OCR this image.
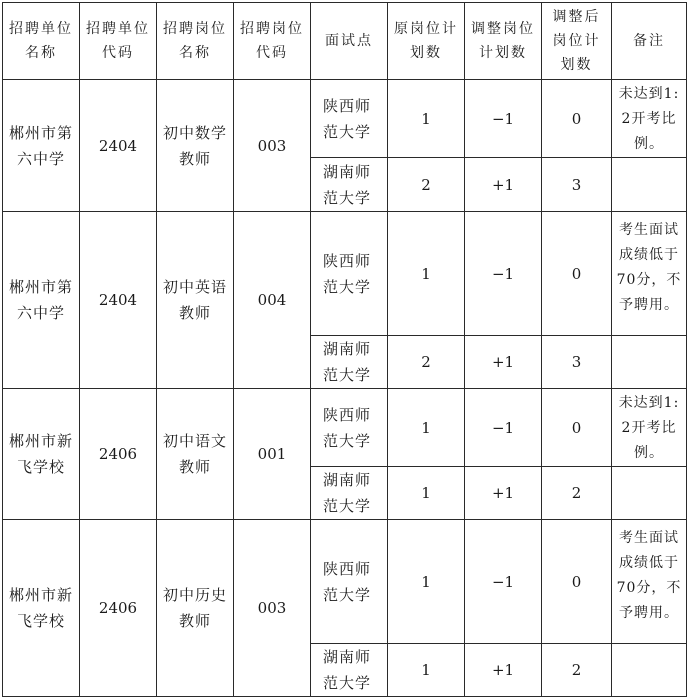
招聘单位名称	招聘单位代码	招聘岗位名称	招聘岗位代码	面试点	原岗位计划数	调整岗位计划数	调整后岗位计划数	备注
郴州市第六中学	2404	初中数学教师	003	陕西师范大学	1	−1	0	未达到1:2开考比例。
				湖南师范大学	2	+1	3	
郴州市第六中学	2404	初中英语教师	004	陕西师范大学	1	−1	0	考生面试成绩低于70分，不予聘用。
				湖南师范大学	2	+1	3	
郴州市新飞学校	2406	初中语文教师	001	陕西师范大学	1	−1	0	未达到1:2开考比例。
				湖南师范大学	1	+1	2	
郴州市新飞学校	2406	初中历史教师	003	陕西师范大学	1	−1	0	考生面试成绩低于70分，不予聘用。
				湖南师范大学	1	+1	2	
